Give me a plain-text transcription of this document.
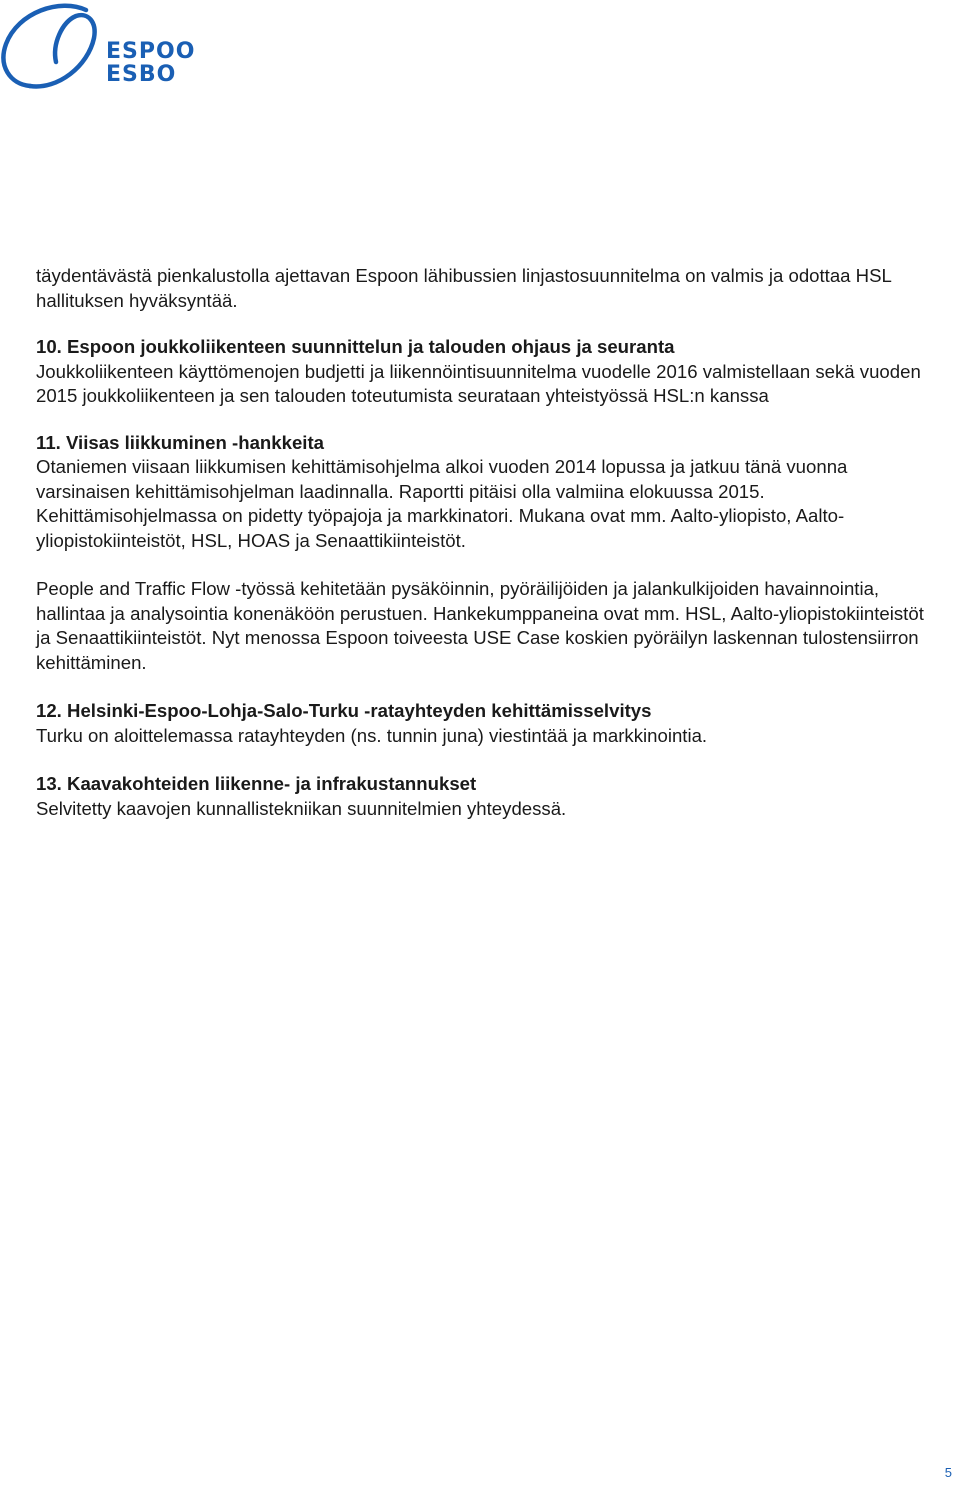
ESPOO
ESBO

täydentävästä pienkalustolla ajettavan Espoon lähibussien linjastosuunnitelma on valmis ja odottaa HSL hallituksen hyväksyntää.

10. Espoon joukkoliikenteen suunnittelun ja talouden ohjaus ja seuranta

Joukkoliikenteen käyttömenojen budjetti ja liikennöintisuunnitelma vuodelle 2016 valmistellaan sekä vuoden 2015 joukkoliikenteen ja sen talouden toteutumista seurataan yhteistyössä HSL:n kanssa

11. Viisas liikkuminen -hankkeita

Otaniemen viisaan liikkumisen kehittämisohjelma alkoi vuoden 2014 lopussa ja jatkuu tänä vuonna varsinaisen kehittämisohjelman laadinnalla. Raportti pitäisi olla valmiina elokuussa 2015. Kehittämisohjelmassa on pidetty työpajoja ja markkinatori. Mukana ovat mm. Aalto-yliopisto, Aalto-yliopistokiinteistöt, HSL, HOAS ja Senaattikiinteistöt.

People and Traffic Flow -työssä kehitetään pysäköinnin, pyöräilijöiden ja jalankulkijoiden havainnointia, hallintaa ja analysointia konenäköön perustuen. Hankekumppaneina ovat mm. HSL, Aalto-yliopistokiinteistöt ja Senaattikiinteistöt. Nyt menossa Espoon toiveesta USE Case koskien pyöräilyn laskennan tulostensiirron kehittäminen.

12. Helsinki-Espoo-Lohja-Salo-Turku -ratayhteyden kehittämisselvitys

Turku on aloittelemassa ratayhteyden (ns. tunnin juna) viestintää ja markkinointia.

13. Kaavakohteiden liikenne- ja infrakustannukset

Selvitetty kaavojen kunnallistekniikan suunnitelmien yhteydessä.

5
